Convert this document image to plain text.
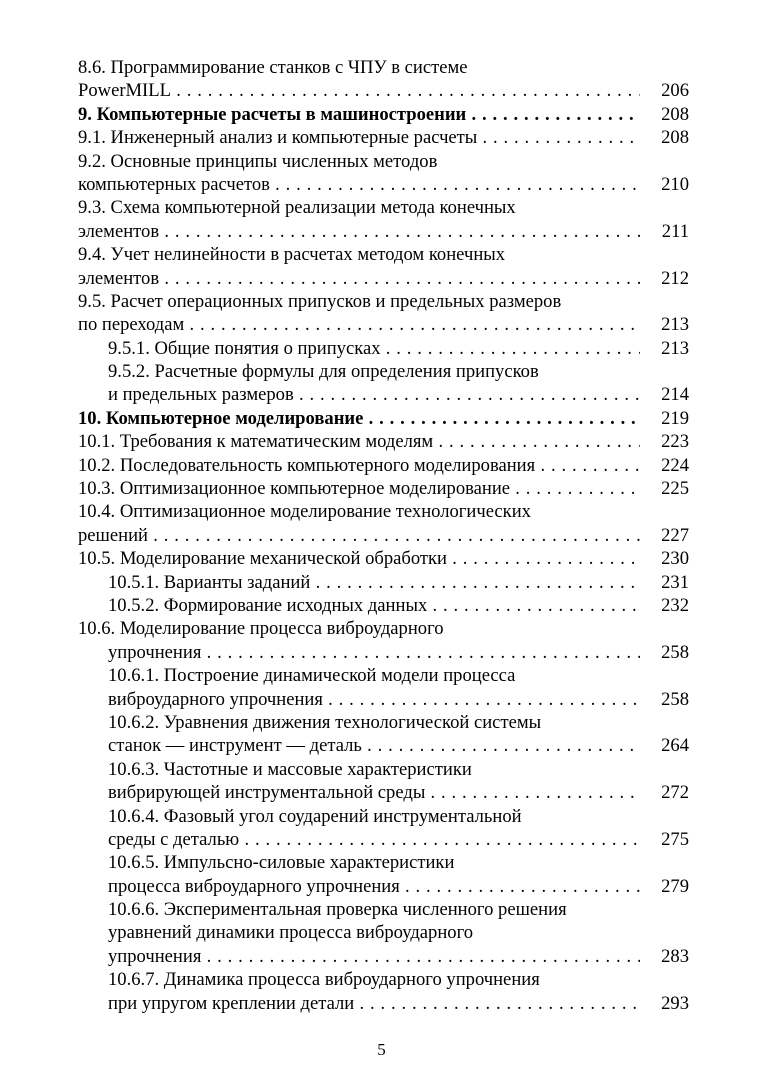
8.6. Программирование станков с ЧПУ в системе
PowerMILL . . .	206
9. Компьютерные расчеты в машиностроении . . .	208
9.1. Инженерный анализ и компьютерные расчеты . . .	208
9.2. Основные принципы численных методов
компьютерных расчетов . . .	210
9.3. Схема компьютерной реализации метода конечных
элементов . . .	211
9.4. Учет нелинейности в расчетах методом конечных
элементов . . .	212
9.5. Расчет операционных припусков и предельных размеров
по переходам . . .	213
9.5.1. Общие понятия о припусках . . .	213
9.5.2. Расчетные формулы для определения припусков
и предельных размеров . . .	214
10. Компьютерное моделирование . . .	219
10.1. Требования к математическим моделям . . .	223
10.2. Последовательность компьютерного моделирования . . .	224
10.3. Оптимизационное компьютерное моделирование . . .	225
10.4. Оптимизационное моделирование технологических
решений . . .	227
10.5. Моделирование механической обработки . . .	230
10.5.1. Варианты заданий . . .	231
10.5.2. Формирование исходных данных . . .	232
10.6. Моделирование процесса виброударного
упрочнения . . .	258
10.6.1. Построение динамической модели процесса
виброударного упрочнения . . .	258
10.6.2. Уравнения движения технологической системы
станок — инструмент — деталь . . .	264
10.6.3. Частотные и массовые характеристики
вибрирующей инструментальной среды . . .	272
10.6.4. Фазовый угол соударений инструментальной
среды с деталью . . .	275
10.6.5. Импульсно-силовые характеристики
процесса виброударного упрочнения . . .	279
10.6.6. Экспериментальная проверка численного решения
уравнений динамики процесса виброударного
упрочнения . . .	283
10.6.7. Динамика процесса виброударного упрочнения
при упругом креплении детали . . .	293
5
